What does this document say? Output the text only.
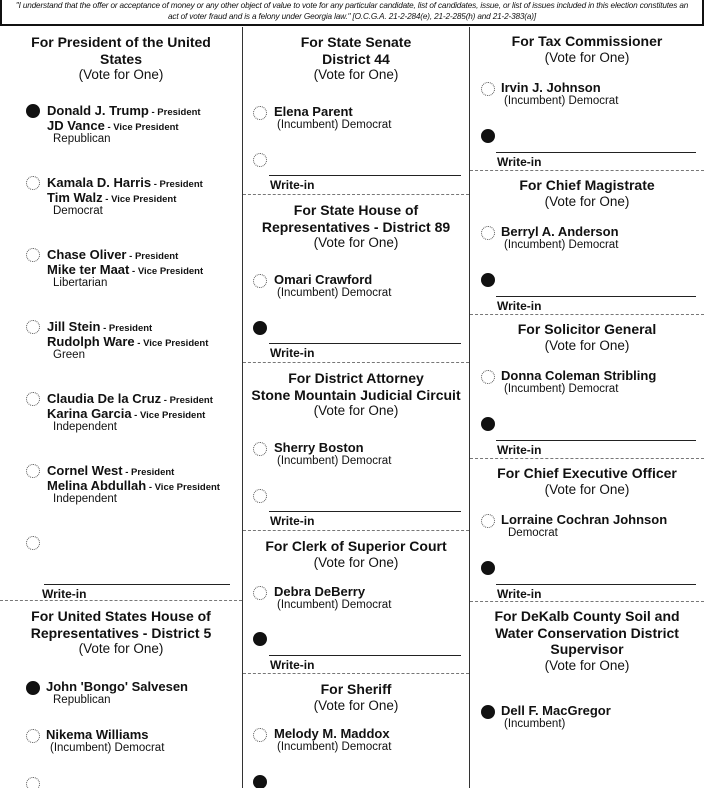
"I understand that the offer or acceptance of money or any other object of value to vote for any particular candidate, list of candidates, issue, or list of issues included in this election constitutes an act of voter fraud and is a felony under Georgia law." [O.C.G.A. 21-2-284(e), 21-2-285(h) and 21-2-383(a)]
For President of the United
States
(Vote for One)
Donald J. Trump - President
JD Vance - Vice President
Republican
Kamala D. Harris - President
Tim Walz - Vice President
Democrat
Chase Oliver - President
Mike ter Maat - Vice President
Libertarian
Jill Stein - President
Rudolph Ware - Vice President
Green
Claudia De la Cruz - President
Karina Garcia - Vice President
Independent
Cornel West - President
Melina Abdullah - Vice President
Independent
Write-in
For United States House of
Representatives - District 5
(Vote for One)
John 'Bongo' Salvesen
Republican
Nikema Williams
(Incumbent) Democrat
For State Senate
District 44
(Vote for One)
Elena Parent
(Incumbent) Democrat
Write-in
For State House of
Representatives - District 89
(Vote for One)
Omari Crawford
(Incumbent) Democrat
Write-in
For District Attorney
Stone Mountain Judicial Circuit
(Vote for One)
Sherry Boston
(Incumbent) Democrat
Write-in
For Clerk of Superior Court
(Vote for One)
Debra DeBerry
(Incumbent) Democrat
Write-in
For Sheriff
(Vote for One)
Melody M. Maddox
(Incumbent) Democrat
For Tax Commissioner
(Vote for One)
Irvin J. Johnson
(Incumbent) Democrat
Write-in
For Chief Magistrate
(Vote for One)
Berryl A. Anderson
(Incumbent) Democrat
Write-in
For Solicitor General
(Vote for One)
Donna Coleman Stribling
(Incumbent) Democrat
Write-in
For Chief Executive Officer
(Vote for One)
Lorraine Cochran Johnson
Democrat
Write-in
For DeKalb County Soil and
Water Conservation District
Supervisor
(Vote for One)
Dell F. MacGregor
(Incumbent)
